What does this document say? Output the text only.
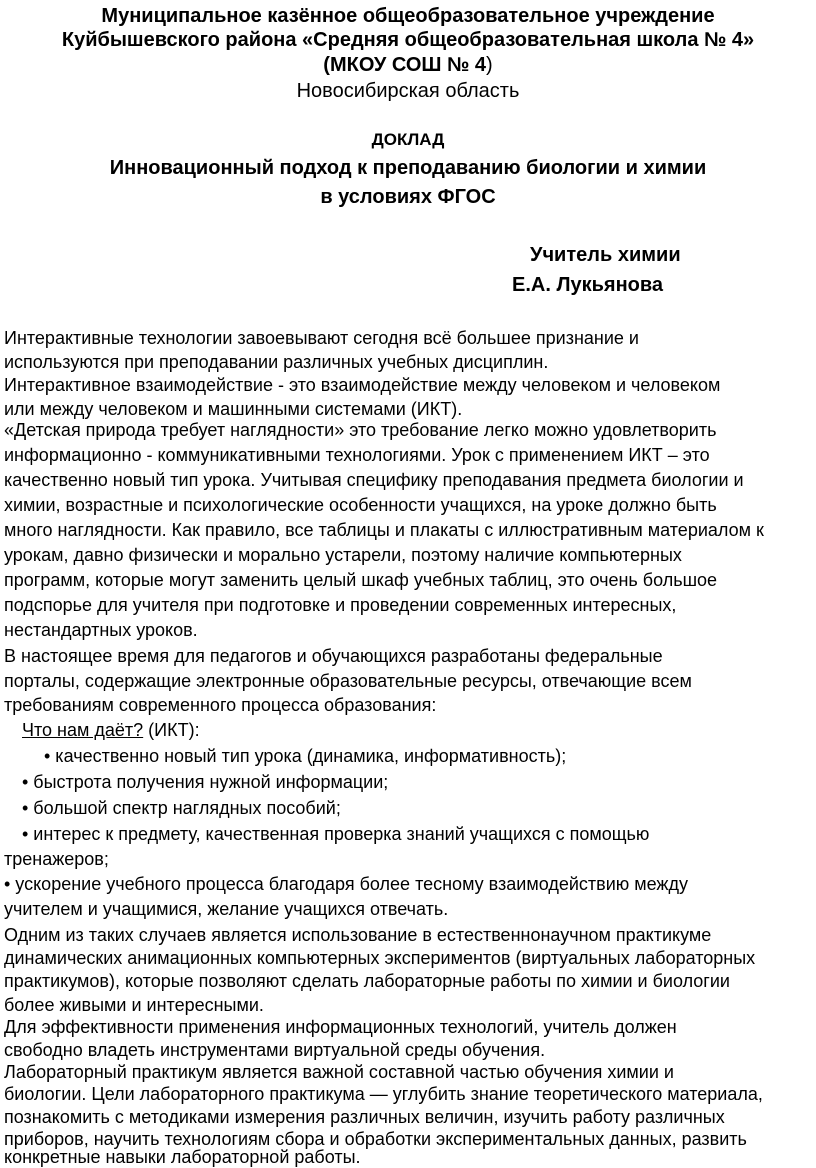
Муниципальное казённое общеобразовательное учреждение
Куйбышевского района «Средняя общеобразовательная школа № 4»
(МКОУ СОШ № 4)
Новосибирская область
ДОКЛАД
Инновационный подход к преподаванию биологии и химии
в условиях ФГОС
Учитель химии
Е.А. Лукьянова
Интерактивные технологии завоевывают сегодня всё большее признание и
используются при преподавании различных учебных дисциплин.
Интерактивное взаимодействие - это взаимодействие между человеком и человеком
или между человеком и машинными системами (ИКТ).
«Детская природа требует наглядности» это требование легко можно удовлетворить
информационно - коммуникативными технологиями. Урок с применением ИКТ – это
качественно новый тип урока. Учитывая специфику преподавания предмета биологии и
химии, возрастные и психологические особенности учащихся, на уроке должно быть
много наглядности. Как правило, все таблицы и плакаты с иллюстративным материалом к
урокам, давно физически и морально устарели, поэтому наличие компьютерных
программ, которые могут заменить целый шкаф учебных таблиц, это очень большое
подспорье для учителя при подготовке и проведении современных интересных,
нестандартных уроков.
В настоящее время для педагогов и обучающихся разработаны федеральные
порталы, содержащие электронные образовательные ресурсы, отвечающие всем
требованиям современного процесса образования:
Что нам даёт? (ИКТ):
• качественно новый тип урока (динамика, информативность);
• быстрота получения нужной информации;
• большой спектр наглядных пособий;
• интерес к предмету, качественная проверка знаний учащихся с помощью
тренажеров;
• ускорение учебного процесса благодаря более тесному взаимодействию между
учителем и учащимися, желание учащихся отвечать.
Одним из таких случаев является использование в естественнонаучном практикуме
динамических анимационных компьютерных экспериментов (виртуальных лабораторных
практикумов), которые позволяют сделать лабораторные работы по химии и биологии
более живыми и интересными.
Для эффективности применения информационных технологий, учитель должен
свободно владеть инструментами виртуальной среды обучения.
Лабораторный практикум является важной составной частью обучения химии и
биологии. Цели лабораторного практикума — углубить знание теоретического материала,
познакомить с методиками измерения различных величин, изучить работу различных
приборов, научить технологиям сбора и обработки экспериментальных данных, развить
конкретные навыки лабораторной работы.
